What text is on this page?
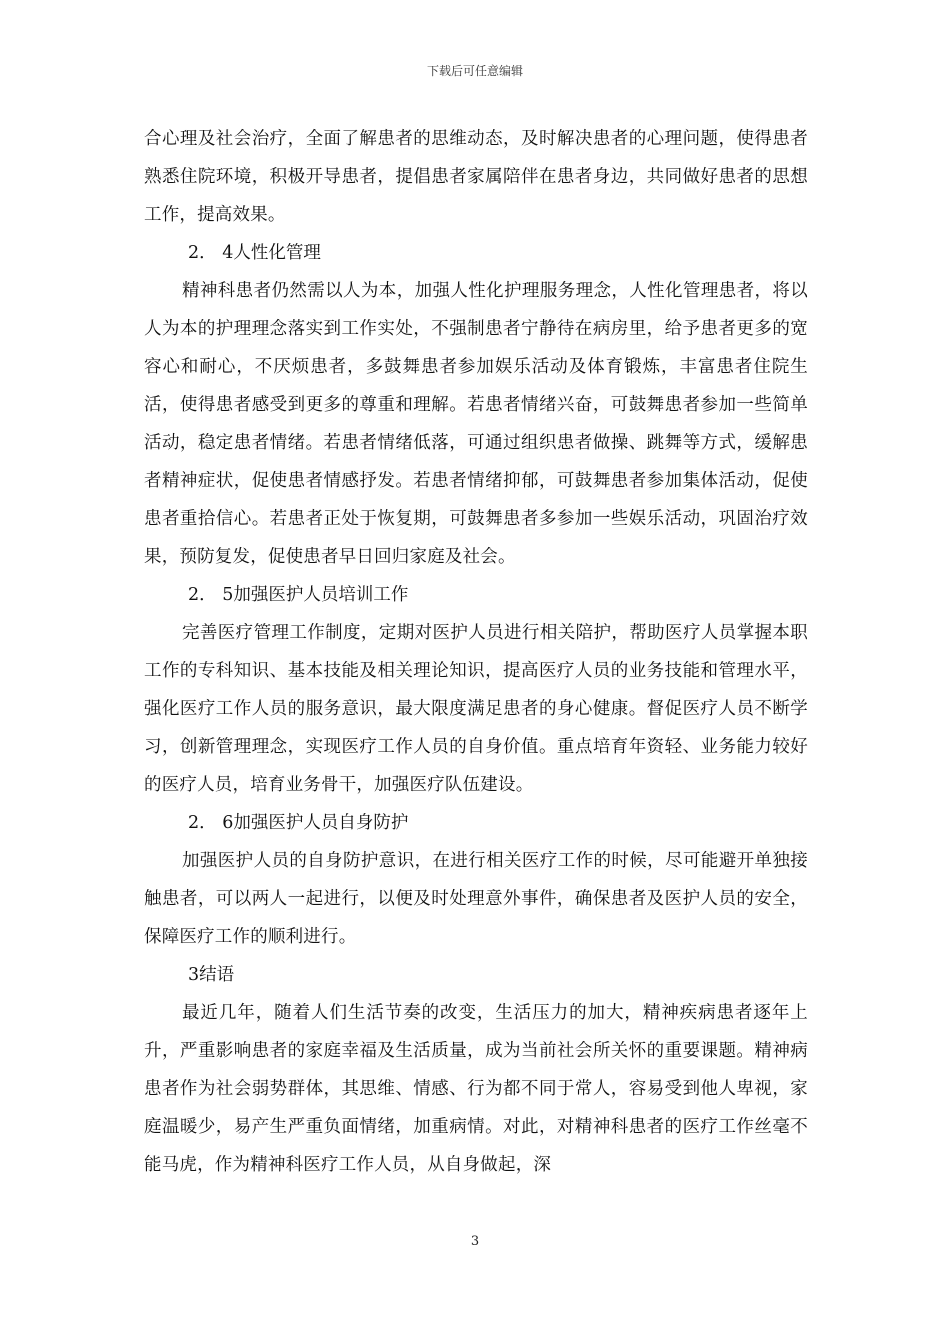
下载后可任意编辑

合心理及社会治疗，全面了解患者的思维动态，及时解决患者的心理问题，使得患者熟悉住院环境，积极开导患者，提倡患者家属陪伴在患者身边，共同做好患者的思想工作，提高效果。

2． 4人性化管理

精神科患者仍然需以人为本，加强人性化护理服务理念，人性化管理患者，将以人为本的护理理念落实到工作实处，不强制患者宁静待在病房里，给予患者更多的宽容心和耐心，不厌烦患者，多鼓舞患者参加娱乐活动及体育锻炼，丰富患者住院生活，使得患者感受到更多的尊重和理解。若患者情绪兴奋，可鼓舞患者参加一些简单活动，稳定患者情绪。若患者情绪低落，可通过组织患者做操、跳舞等方式，缓解患者精神症状，促使患者情感抒发。若患者情绪抑郁，可鼓舞患者参加集体活动，促使患者重拾信心。若患者正处于恢复期，可鼓舞患者多参加一些娱乐活动，巩固治疗效果，预防复发，促使患者早日回归家庭及社会。

2． 5加强医护人员培训工作

完善医疗管理工作制度，定期对医护人员进行相关陪护，帮助医疗人员掌握本职工作的专科知识、基本技能及相关理论知识，提高医疗人员的业务技能和管理水平，强化医疗工作人员的服务意识，最大限度满足患者的身心健康。督促医疗人员不断学习，创新管理理念，实现医疗工作人员的自身价值。重点培育年资轻、业务能力较好的医疗人员，培育业务骨干，加强医疗队伍建设。

2． 6加强医护人员自身防护

加强医护人员的自身防护意识，在进行相关医疗工作的时候，尽可能避开单独接触患者，可以两人一起进行，以便及时处理意外事件，确保患者及医护人员的安全，保障医疗工作的顺利进行。

3结语

最近几年，随着人们生活节奏的改变，生活压力的加大，精神疾病患者逐年上升，严重影响患者的家庭幸福及生活质量，成为当前社会所关怀的重要课题。精神病患者作为社会弱势群体，其思维、情感、行为都不同于常人，容易受到他人卑视，家庭温暖少，易产生严重负面情绪，加重病情。对此，对精神科患者的医疗工作丝毫不能马虎，作为精神科医疗工作人员，从自身做起，深

3
